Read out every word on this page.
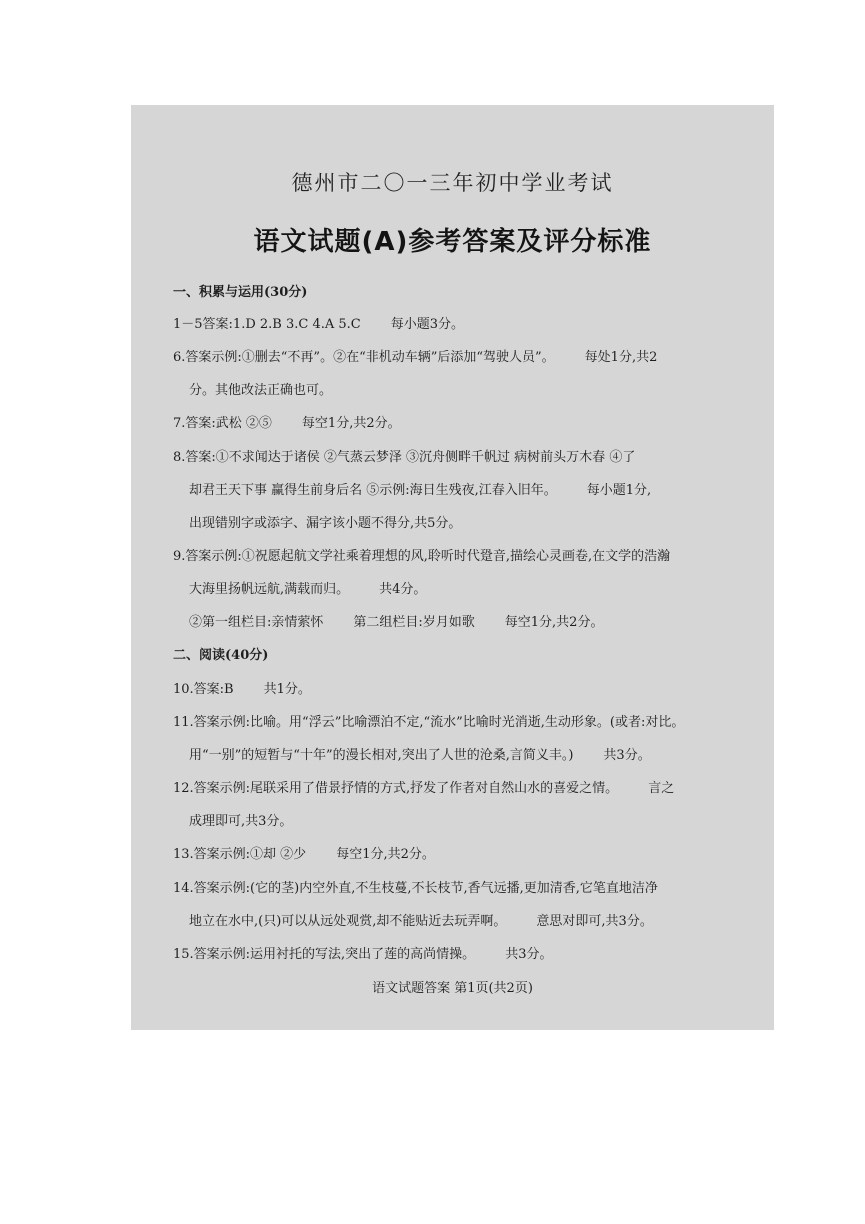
德州市二〇一三年初中学业考试
语文试题(A)参考答案及评分标准
一、积累与运用(30分)
1－5答案:1.D 2.B 3.C 4.A 5.C 每小题3分。
6.答案示例:①删去“不再”。②在“非机动车辆”后添加“驾驶人员”。 每处1分,共2
分。其他改法正确也可。
7.答案:武松 ②⑤ 每空1分,共2分。
8.答案:①不求闻达于诸侯 ②气蒸云梦泽 ③沉舟侧畔千帆过 病树前头万木春 ④了
却君王天下事 赢得生前身后名 ⑤示例:海日生残夜,江春入旧年。 每小题1分,
出现错别字或添字、漏字该小题不得分,共5分。
9.答案示例:①祝愿起航文学社乘着理想的风,聆听时代跫音,描绘心灵画卷,在文学的浩瀚
大海里扬帆远航,满载而归。 共4分。
②第一组栏目:亲情萦怀 第二组栏目:岁月如歌 每空1分,共2分。
二、阅读(40分)
10.答案:B 共1分。
11.答案示例:比喻。用“浮云”比喻漂泊不定,“流水”比喻时光消逝,生动形象。(或者:对比。
用“一别”的短暂与“十年”的漫长相对,突出了人世的沧桑,言简义丰。) 共3分。
12.答案示例:尾联采用了借景抒情的方式,抒发了作者对自然山水的喜爱之情。 言之
成理即可,共3分。
13.答案示例:①却 ②少 每空1分,共2分。
14.答案示例:(它的茎)内空外直,不生枝蔓,不长枝节,香气远播,更加清香,它笔直地洁净
地立在水中,(只)可以从远处观赏,却不能贴近去玩弄啊。 意思对即可,共3分。
15.答案示例:运用衬托的写法,突出了莲的高尚情操。 共3分。
语文试题答案 第1页(共2页)
